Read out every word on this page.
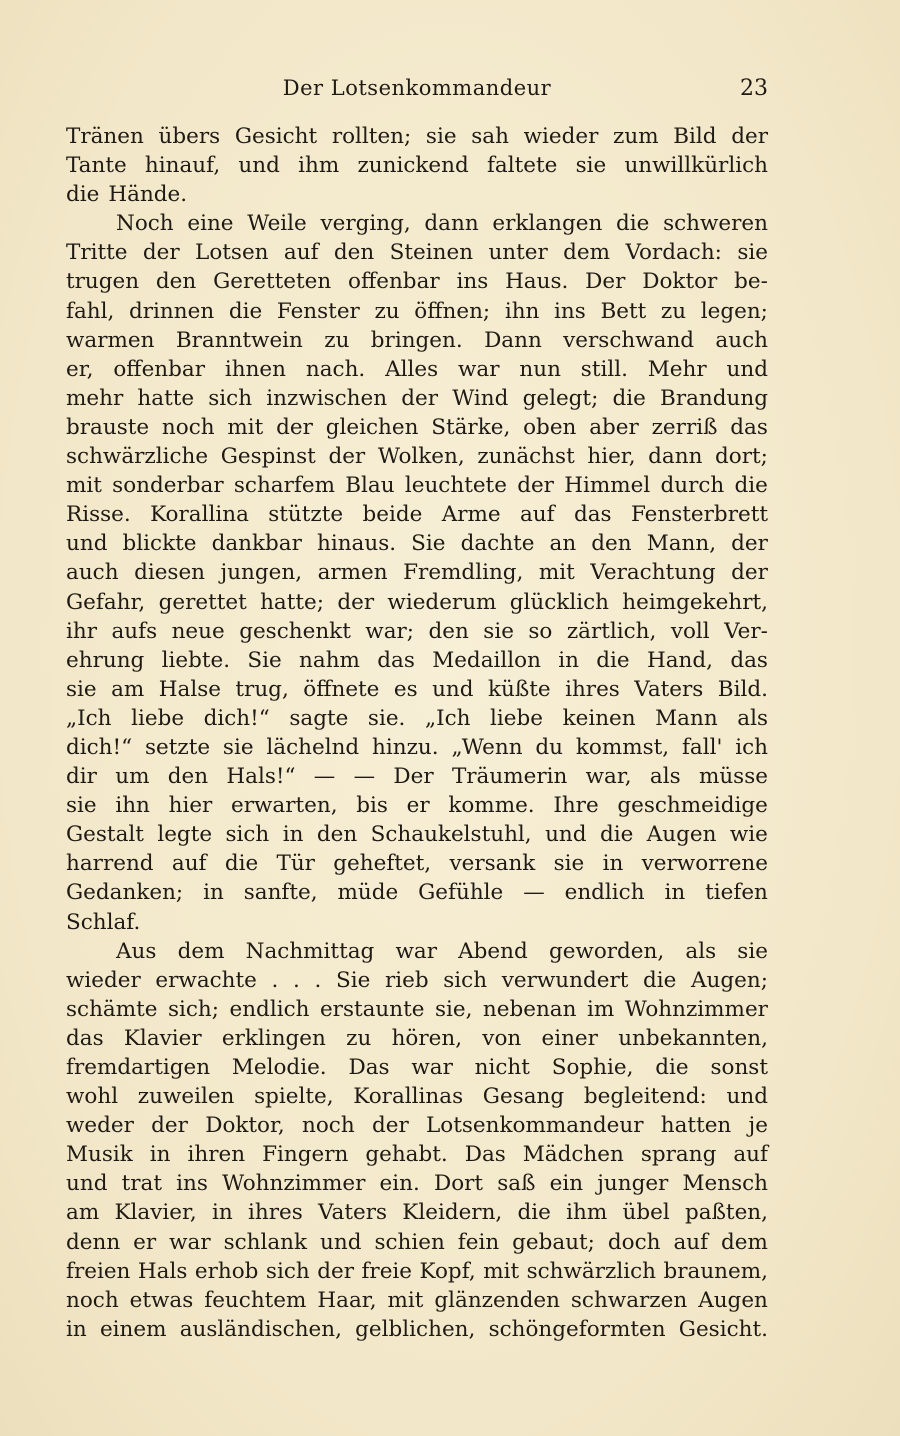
Der Lotsenkommandeur	23
Tränen übers Gesicht rollten; sie sah wieder zum Bild der
Tante hinauf, und ihm zunickend faltete sie unwillkürlich
die Hände.
Noch eine Weile verging, dann erklangen die schweren
Tritte der Lotsen auf den Steinen unter dem Vordach: sie
trugen den Geretteten offenbar ins Haus. Der Doktor be-
fahl, drinnen die Fenster zu öffnen; ihn ins Bett zu legen;
warmen Branntwein zu bringen. Dann verschwand auch
er, offenbar ihnen nach. Alles war nun still. Mehr und
mehr hatte sich inzwischen der Wind gelegt; die Brandung
brauste noch mit der gleichen Stärke, oben aber zerriß das
schwärzliche Gespinst der Wolken, zunächst hier, dann dort;
mit sonderbar scharfem Blau leuchtete der Himmel durch die
Risse. Korallina stützte beide Arme auf das Fensterbrett
und blickte dankbar hinaus. Sie dachte an den Mann, der
auch diesen jungen, armen Fremdling, mit Verachtung der
Gefahr, gerettet hatte; der wiederum glücklich heimgekehrt,
ihr aufs neue geschenkt war; den sie so zärtlich, voll Ver-
ehrung liebte. Sie nahm das Medaillon in die Hand, das
sie am Halse trug, öffnete es und küßte ihres Vaters Bild.
„Ich liebe dich!“ sagte sie. „Ich liebe keinen Mann als
dich!“ setzte sie lächelnd hinzu. „Wenn du kommst, fall' ich
dir um den Hals!“ — — Der Träumerin war, als müsse
sie ihn hier erwarten, bis er komme. Ihre geschmeidige
Gestalt legte sich in den Schaukelstuhl, und die Augen wie
harrend auf die Tür geheftet, versank sie in verworrene
Gedanken; in sanfte, müde Gefühle — endlich in tiefen
Schlaf.
Aus dem Nachmittag war Abend geworden, als sie
wieder erwachte . . . Sie rieb sich verwundert die Augen;
schämte sich; endlich erstaunte sie, nebenan im Wohnzimmer
das Klavier erklingen zu hören, von einer unbekannten,
fremdartigen Melodie. Das war nicht Sophie, die sonst
wohl zuweilen spielte, Korallinas Gesang begleitend: und
weder der Doktor, noch der Lotsenkommandeur hatten je
Musik in ihren Fingern gehabt. Das Mädchen sprang auf
und trat ins Wohnzimmer ein. Dort saß ein junger Mensch
am Klavier, in ihres Vaters Kleidern, die ihm übel paßten,
denn er war schlank und schien fein gebaut; doch auf dem
freien Hals erhob sich der freie Kopf, mit schwärzlich braunem,
noch etwas feuchtem Haar, mit glänzenden schwarzen Augen
in einem ausländischen, gelblichen, schöngeformten Gesicht.
